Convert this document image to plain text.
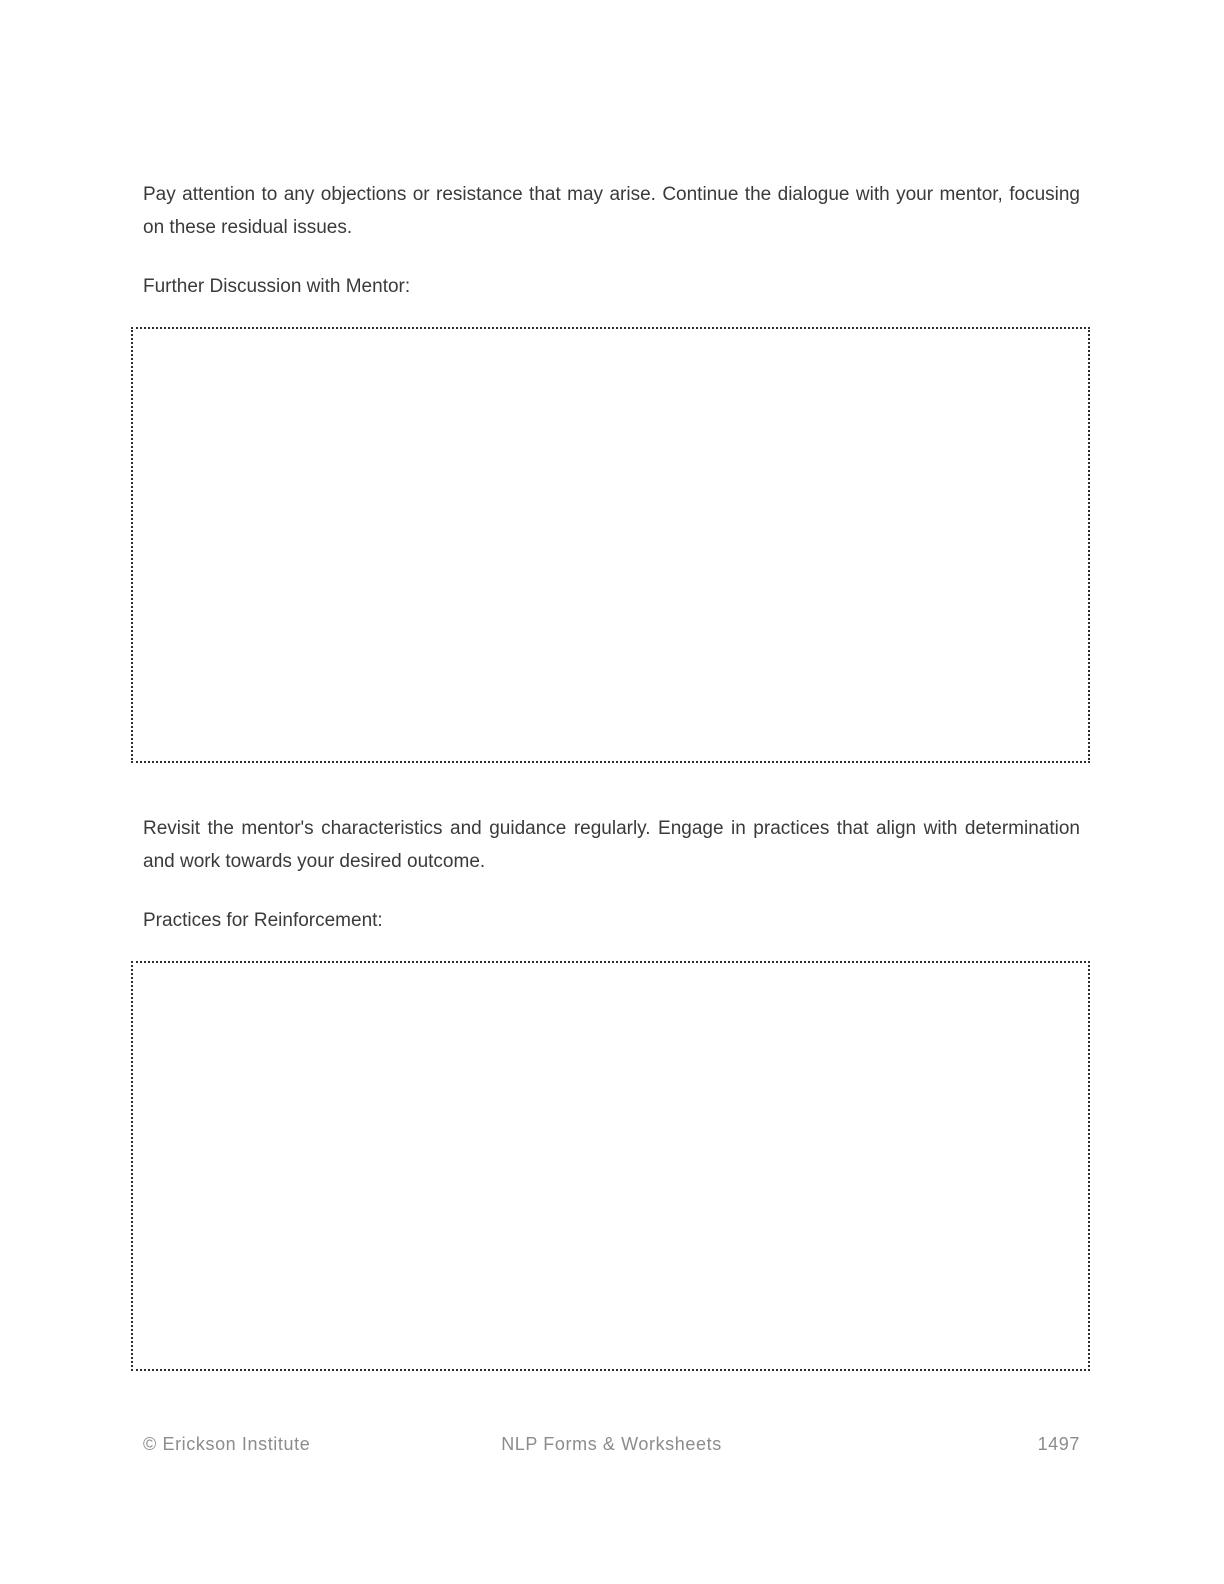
Pay attention to any objections or resistance that may arise. Continue the dialogue with your mentor, focusing on these residual issues.

Further Discussion with Mentor:

Revisit the mentor's characteristics and guidance regularly. Engage in practices that align with determination and work towards your desired outcome.

Practices for Reinforcement:

© Erickson Institute	NLP Forms & Worksheets	1497
